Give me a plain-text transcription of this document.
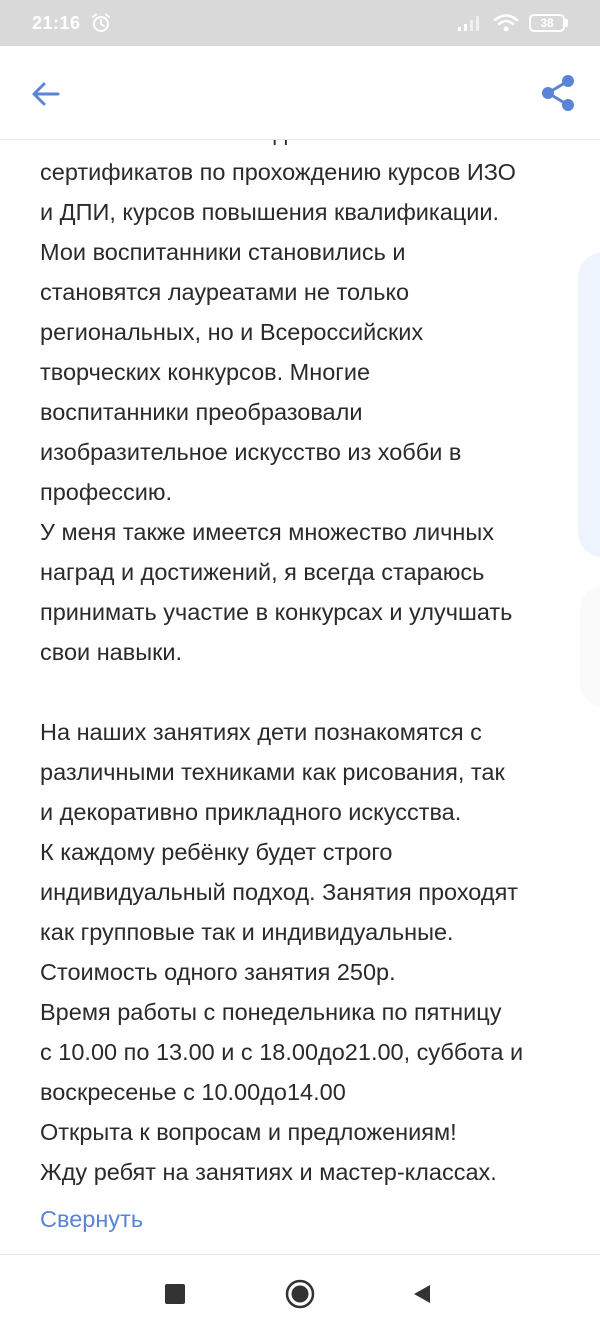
21:16	38

сертификатов по прохождению курсов ИЗО

и ДПИ, курсов повышения квалификации.

Мои воспитанники становились и

становятся лауреатами не только

региональных, но и Всероссийских

творческих конкурсов. Многие

воспитанники преобразовали

изобразительное искусство из хобби в

профессию.

У меня также имеется множество личных

наград и достижений, я всегда стараюсь

принимать участие в конкурсах и улучшать

свои навыки.

На наших занятиях дети познакомятся с

различными техниками как рисования, так

и декоративно прикладного искусства.

К каждому ребёнку будет строго

индивидуальный подход. Занятия проходят

как групповые так и индивидуальные.

Стоимость одного занятия 250р.

Время работы с понедельника по пятницу

с 10.00 по 13.00 и с 18.00до21.00, суббота и

воскресенье с 10.00до14.00

Открыта к вопросам и предложениям!

Жду ребят на занятиях и мастер-классах.

Свернуть
